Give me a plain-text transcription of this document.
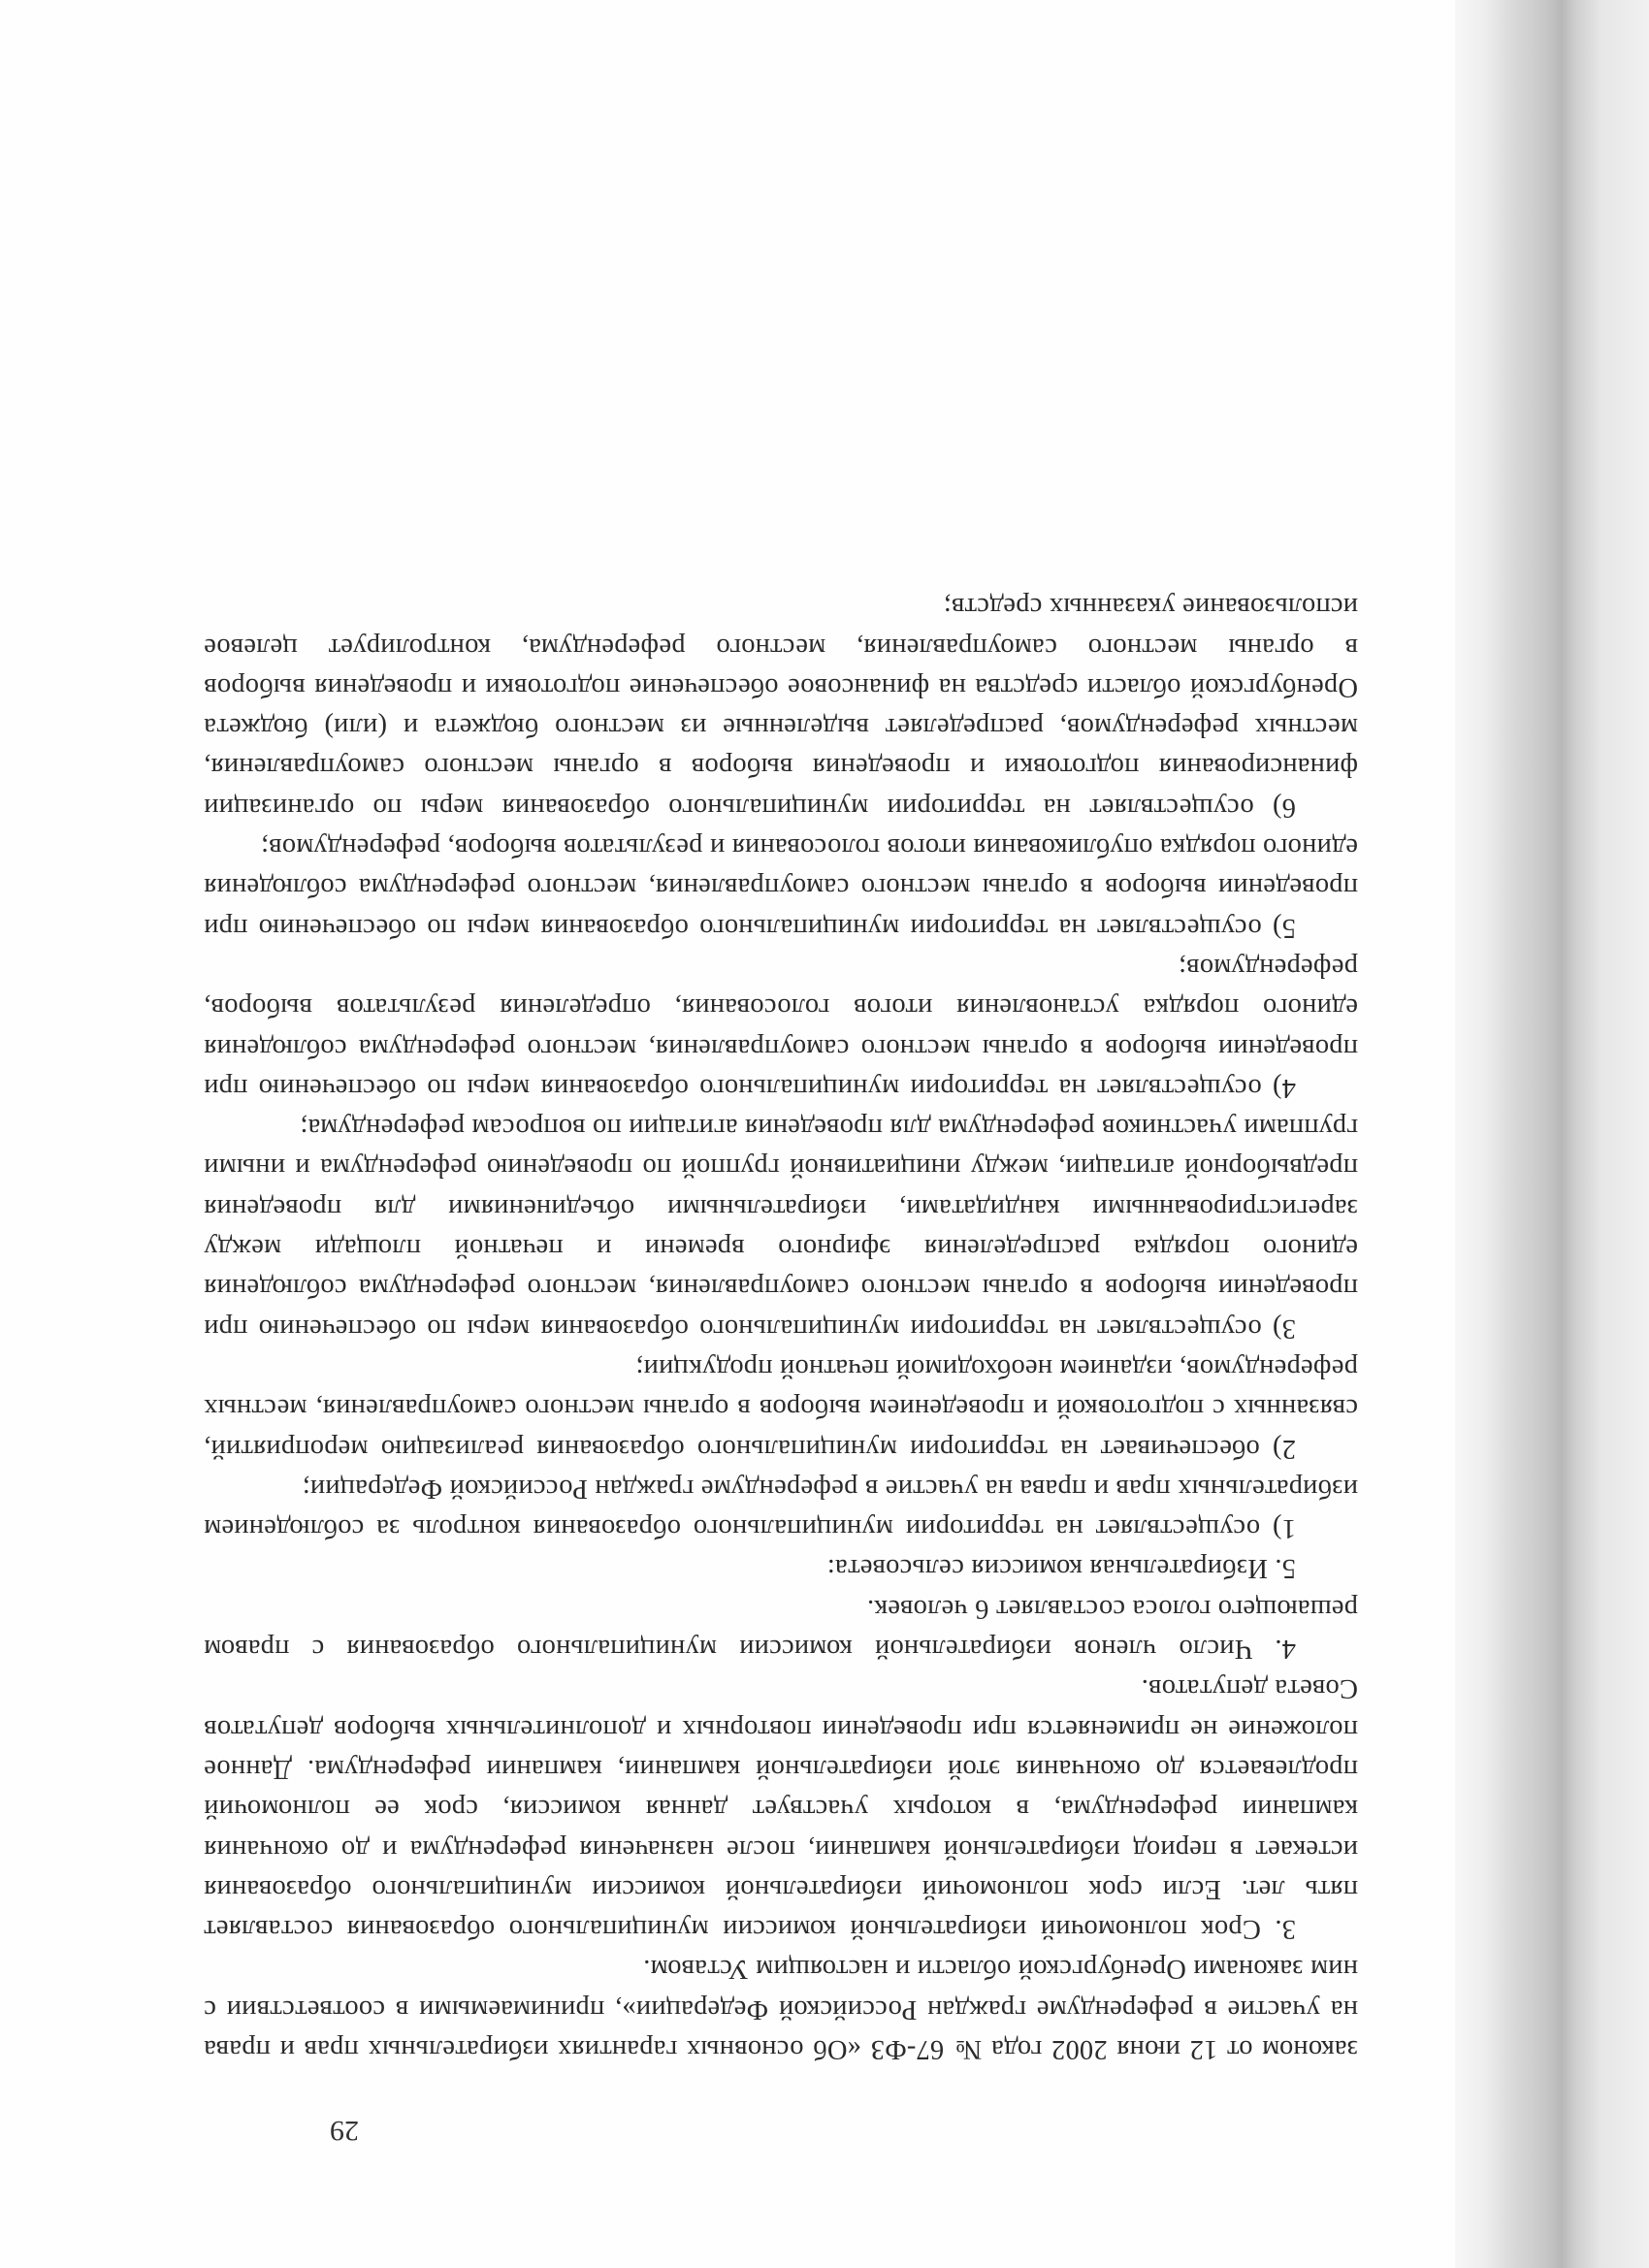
29

законом от 12 июня 2002 года № 67-ФЗ «Об основных гарантиях избирательных прав и права на участие в референдуме граждан Российской Федерации», принимаемыми в соответствии с ним законами Оренбургской области и настоящим Уставом.

3. Срок полномочий избирательной комиссии муниципального образования составляет пять лет. Если срок полномочий избирательной комиссии муниципального образования истекает в период избирательной кампании, после назначения референдума и до окончания кампании референдума, в которых участвует данная комиссия, срок ее полномочий продлевается до окончания этой избирательной кампании, кампании референдума. Данное положение не применяется при проведении повторных и дополнительных выборов депутатов Совета депутатов.

4. Число членов избирательной комиссии муниципального образования с правом решающего голоса составляет 6 человек.

5. Избирательная комиссия сельсовета:

1) осуществляет на территории муниципального образования контроль за соблюдением избирательных прав и права на участие в референдуме граждан Российской Федерации;

2) обеспечивает на территории муниципального образования реализацию мероприятий, связанных с подготовкой и проведением выборов в органы местного самоуправления, местных референдумов, изданием необходимой печатной продукции;

3) осуществляет на территории муниципального образования меры по обеспечению при проведении выборов в органы местного самоуправления, местного референдума соблюдения единого порядка распределения эфирного времени и печатной площади между зарегистрированными кандидатами, избирательными объединениями для проведения предвыборной агитации, между инициативной группой по проведению референдума и иными группами участников референдума для проведения агитации по вопросам референдума;

4) осуществляет на территории муниципального образования меры по обеспечению при проведении выборов в органы местного самоуправления, местного референдума соблюдения единого порядка установления итогов голосования, определения результатов выборов, референдумов;

5) осуществляет на территории муниципального образования меры по обеспечению при проведении выборов в органы местного самоуправления, местного референдума соблюдения единого порядка опубликования итогов голосования и результатов выборов, референдумов;

6) осуществляет на территории муниципального образования меры по организации финансирования подготовки и проведения выборов в органы местного самоуправления, местных референдумов, распределяет выделенные из местного бюджета и (или) бюджета Оренбургской области средства на финансовое обеспечение подготовки и проведения выборов в органы местного самоуправления, местного референдума, контролирует целевое использование указанных средств;
